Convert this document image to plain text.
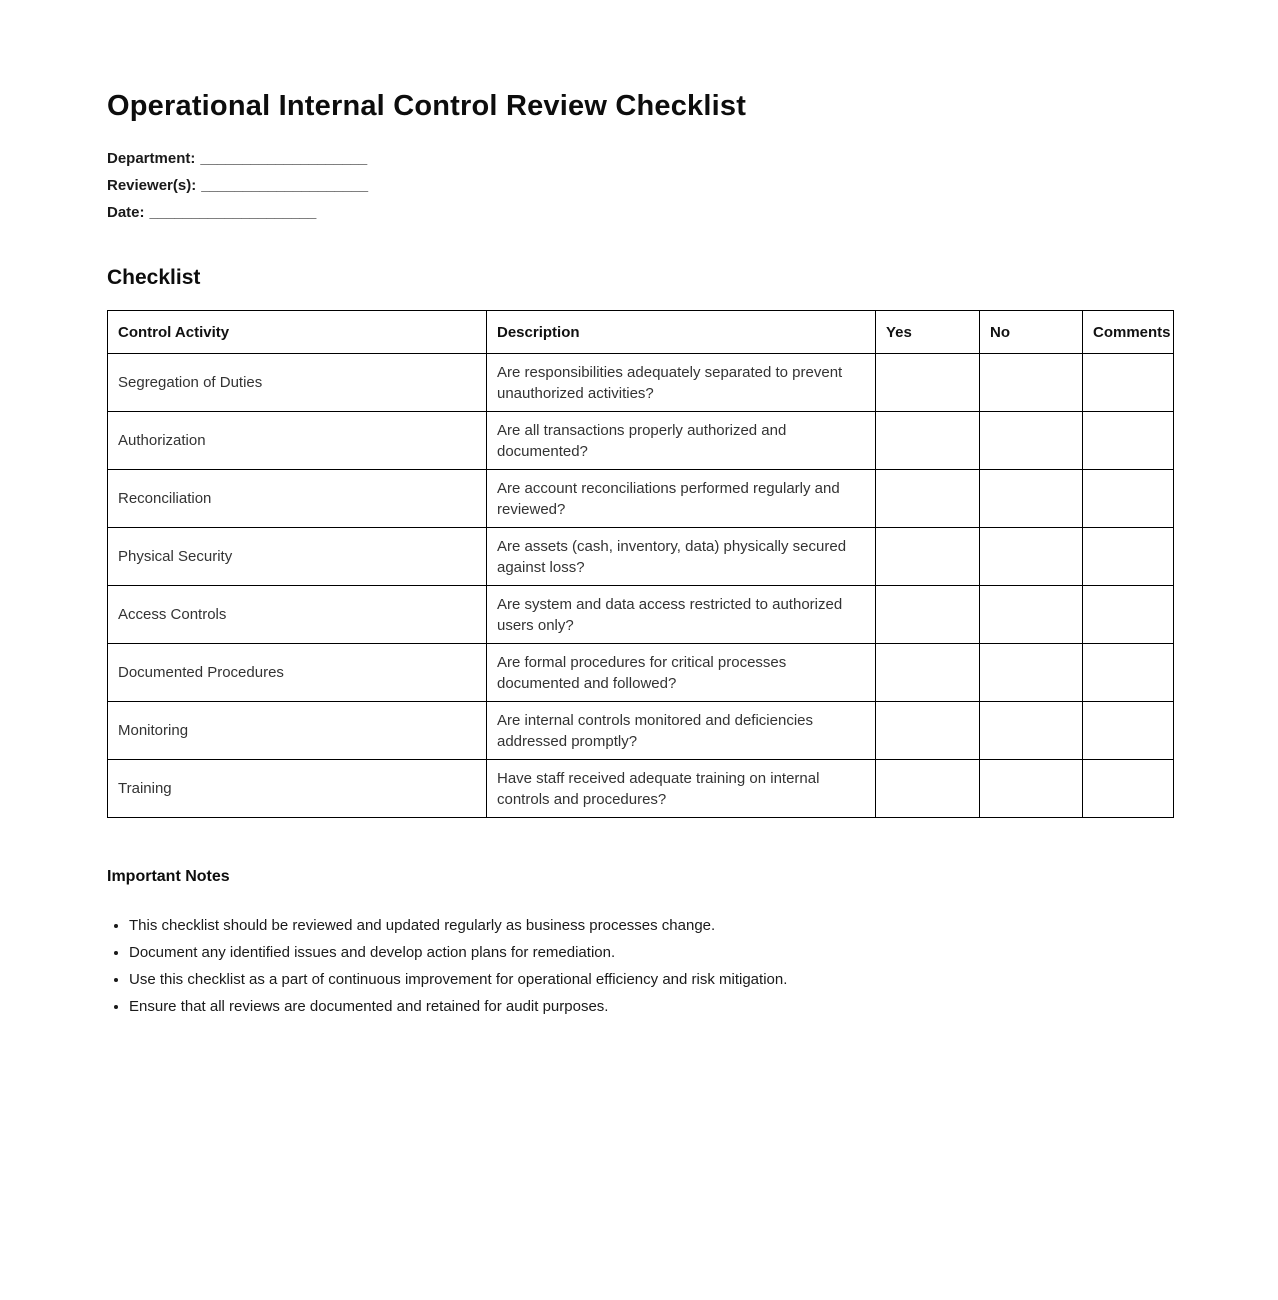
Operational Internal Control Review Checklist
Department: ____________________
Reviewer(s): ____________________
Date: ____________________
Checklist
Control Activity	Description	Yes	No	Comments
Segregation of Duties	Are responsibilities adequately separated to prevent unauthorized activities?			
Authorization	Are all transactions properly authorized and documented?			
Reconciliation	Are account reconciliations performed regularly and reviewed?			
Physical Security	Are assets (cash, inventory, data) physically secured against loss?			
Access Controls	Are system and data access restricted to authorized users only?			
Documented Procedures	Are formal procedures for critical processes documented and followed?			
Monitoring	Are internal controls monitored and deficiencies addressed promptly?			
Training	Have staff received adequate training on internal controls and procedures?			
Important Notes
• This checklist should be reviewed and updated regularly as business processes change.
• Document any identified issues and develop action plans for remediation.
• Use this checklist as a part of continuous improvement for operational efficiency and risk mitigation.
• Ensure that all reviews are documented and retained for audit purposes.
